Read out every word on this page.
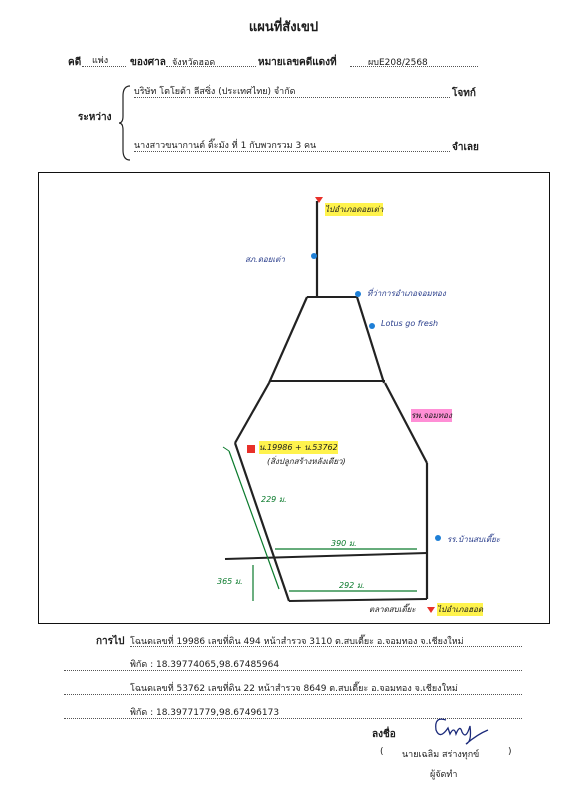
แผนที่สังเขป
คดี แพ่ง ของศาล จังหวัดฮอด	หมายเลขคดีแดงที่	ผบE208/2568
ระหว่าง
บริษัท โตโยต้า ลีสซิ่ง (ประเทศไทย) จำกัด	โจทก์
นางสาวขนากานต์ ติ๊ะมัง ที่ 1 กับพวกรวม 3 คน	จำเลย
ไปอำเภอดอยเต่า
สภ.ดอยเต่า
ที่ว่าการอำเภอจอมทอง
Lotus go fresh
รพ.จอมทอง
น.19986 + น.53762
(สิ่งปลูกสร้างหลังเดียว)
229 ม.
390 ม.
292 ม.
365 ม.
รร.บ้านสบเตี๊ยะ
ตลาดสบเตี๊ยะ	ไปอำเภอฮอด
การไป โฉนดเลขที่ 19986 เลขที่ดิน 494 หน้าสำรวจ 3110 ต.สบเตี๊ยะ อ.จอมทอง จ.เชียงใหม่
พิกัด : 18.39774065,98.67485964
โฉนดเลขที่ 53762 เลขที่ดิน 22 หน้าสำรวจ 8649 ต.สบเตี๊ยะ อ.จอมทอง จ.เชียงใหม่
พิกัด : 18.39771779,98.67496173
ลงชื่อ
( นายเฉลิม สร่างทุกข์	)
ผู้จัดทำ
